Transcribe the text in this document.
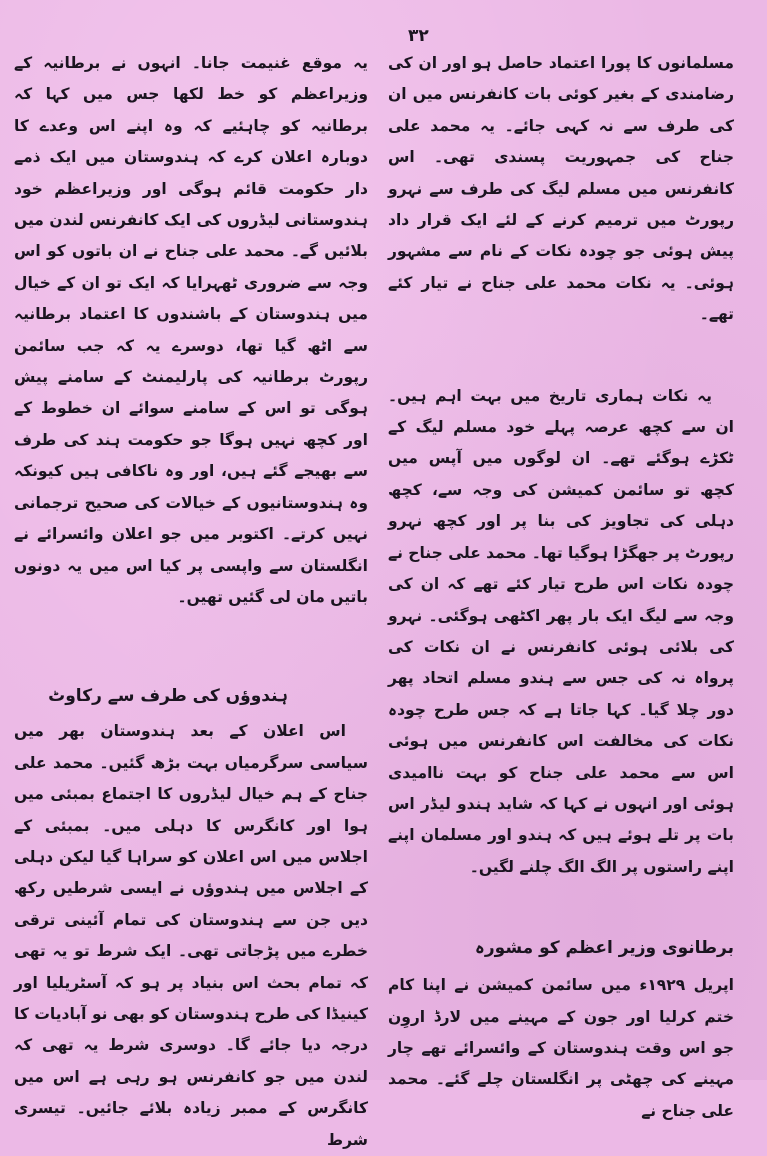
٣٢

مسلمانوں کا پورا اعتماد حاصل ہو اور ان کی رضامندی کے بغیر کوئی بات کانفرنس میں ان کی طرف سے نہ کہی جائے۔ یہ محمد علی جناح کی جمہوریت پسندی تھی۔ اس کانفرنس میں مسلم لیگ کی طرف سے نہرو رپورٹ میں ترمیم کرنے کے لئے ایک قرار داد پیش ہوئی جو چودہ نکات کے نام سے مشہور ہوئی۔ یہ نکات محمد علی جناح نے تیار کئے تھے۔

یہ نکات ہماری تاریخ میں بہت اہم ہیں۔ ان سے کچھ عرصہ پہلے خود مسلم لیگ کے ٹکڑے ہوگئے تھے۔ ان لوگوں میں آپس میں کچھ تو سائمن کمیشن کی وجہ سے، کچھ دہلی کی تجاویز کی بنا پر اور کچھ نہرو رپورٹ پر جھگڑا ہوگیا تھا۔ محمد علی جناح نے چودہ نکات اس طرح تیار کئے تھے کہ ان کی وجہ سے لیگ ایک بار پھر اکٹھی ہوگئی۔ نہرو کی بلائی ہوئی کانفرنس نے ان نکات کی پرواہ نہ کی جس سے ہندو مسلم اتحاد پھر دور چلا گیا۔ کہا جاتا ہے کہ جس طرح چودہ نکات کی مخالفت اس کانفرنس میں ہوئی اس سے محمد علی جناح کو بہت ناامیدی ہوئی اور انہوں نے کہا کہ شاید ہندو لیڈر اس بات پر تلے ہوئے ہیں کہ ہندو اور مسلمان اپنے اپنے راستوں پر الگ الگ چلنے لگیں۔

برطانوی وزیر اعظم کو مشورہ

اپریل ١٩٢٩ء میں سائمن کمیشن نے اپنا کام ختم کرلیا اور جون کے مہینے میں لارڈ اروِن جو اس وقت ہندوستان کے وائسرائے تھے چار مہینے کی چھٹی پر انگلستان چلے گئے۔ محمد علی جناح نے

یہ موقع غنیمت جانا۔ انہوں نے برطانیہ کے وزیراعظم کو خط لکھا جس میں کہا کہ برطانیہ کو چاہئیے کہ وہ اپنے اس وعدے کا دوبارہ اعلان کرے کہ ہندوستان میں ایک ذمے دار حکومت قائم ہوگی اور وزیراعظم خود ہندوستانی لیڈروں کی ایک کانفرنس لندن میں بلائیں گے۔ محمد علی جناح نے ان باتوں کو اس وجہ سے ضروری ٹھہرایا کہ ایک تو ان کے خیال میں ہندوستان کے باشندوں کا اعتماد برطانیہ سے اٹھ گیا تھا، دوسرے یہ کہ جب سائمن رپورٹ برطانیہ کی پارلیمنٹ کے سامنے پیش ہوگی تو اس کے سامنے سوائے ان خطوط کے اور کچھ نہیں ہوگا جو حکومت ہند کی طرف سے بھیجے گئے ہیں، اور وہ ناکافی ہیں کیونکہ وہ ہندوستانیوں کے خیالات کی صحیح ترجمانی نہیں کرتے۔ اکتوبر میں جو اعلان وائسرائے نے انگلستان سے واپسی پر کیا اس میں یہ دونوں باتیں مان لی گئیں تھیں۔

ہندوؤں کی طرف سے رکاوٹ

اس اعلان کے بعد ہندوستان بھر میں سیاسی سرگرمیاں بہت بڑھ گئیں۔ محمد علی جناح کے ہم خیال لیڈروں کا اجتماع بمبئی میں ہوا اور کانگرس کا دہلی میں۔ بمبئی کے اجلاس میں اس اعلان کو سراہا گیا لیکن دہلی کے اجلاس میں ہندوؤں نے ایسی شرطیں رکھ دیں جن سے ہندوستان کی تمام آئینی ترقی خطرے میں پڑجاتی تھی۔ ایک شرط تو یہ تھی کہ تمام بحث اس بنیاد پر ہو کہ آسٹریلیا اور کینیڈا کی طرح ہندوستان کو بھی نو آبادیات کا درجہ دیا جائے گا۔ دوسری شرط یہ تھی کہ لندن میں جو کانفرنس ہو رہی ہے اس میں کانگرس کے ممبر زیادہ بلائے جائیں۔ تیسری شرط
